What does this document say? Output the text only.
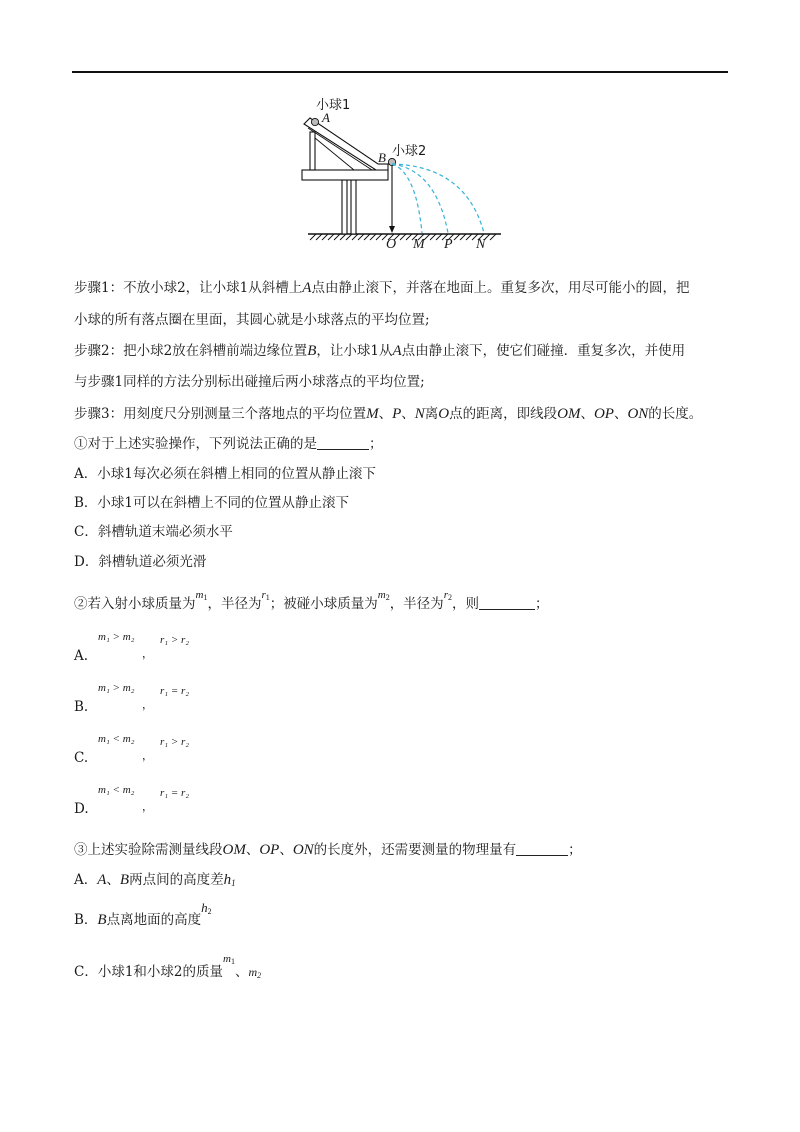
小球1
A
B 小球2
O M P N
步骤1：不放小球2，让小球1从斜槽上A点由静止滚下，并落在地面上。重复多次，用尽可能小的圆，把
小球的所有落点圈在里面，其圆心就是小球落点的平均位置;
步骤2：把小球2放在斜槽前端边缘位置B，让小球1从A点由静止滚下，使它们碰撞．重复多次，并使用
与步骤1同样的方法分别标出碰撞后两小球落点的平均位置;
步骤3：用刻度尺分别测量三个落地点的平均位置M、P、N离O点的距离，即线段OM、OP、ON的长度。
①对于上述实验操作，下列说法正确的是	；
A．小球1每次必须在斜槽上相同的位置从静止滚下
B．小球1可以在斜槽上不同的位置从静止滚下
C．斜槽轨道末端必须水平
D．斜槽轨道必须光滑
②若入射小球质量为$^{m_1}$，半径为$^{r_1}$；被碰小球质量为$^{m_2}$，半径为$^{r_2}$，则	；
A.
m₁ > m₂
，
r₁ > r₂
B.
m₁ > m₂
，
r₁ = r₂
C.
m₁ < m₂
，
r₁ > r₂
D.
m₁ < m₂
，
r₁ = r₂
③上述实验除需测量线段OM、OP、ON的长度外，还需要测量的物理量有	；
A．A、B两点间的高度差$h_1$
B．B点离地面的高度$h_2$
C．小球1和小球2的质量$^{m_1}$、$m_2$
